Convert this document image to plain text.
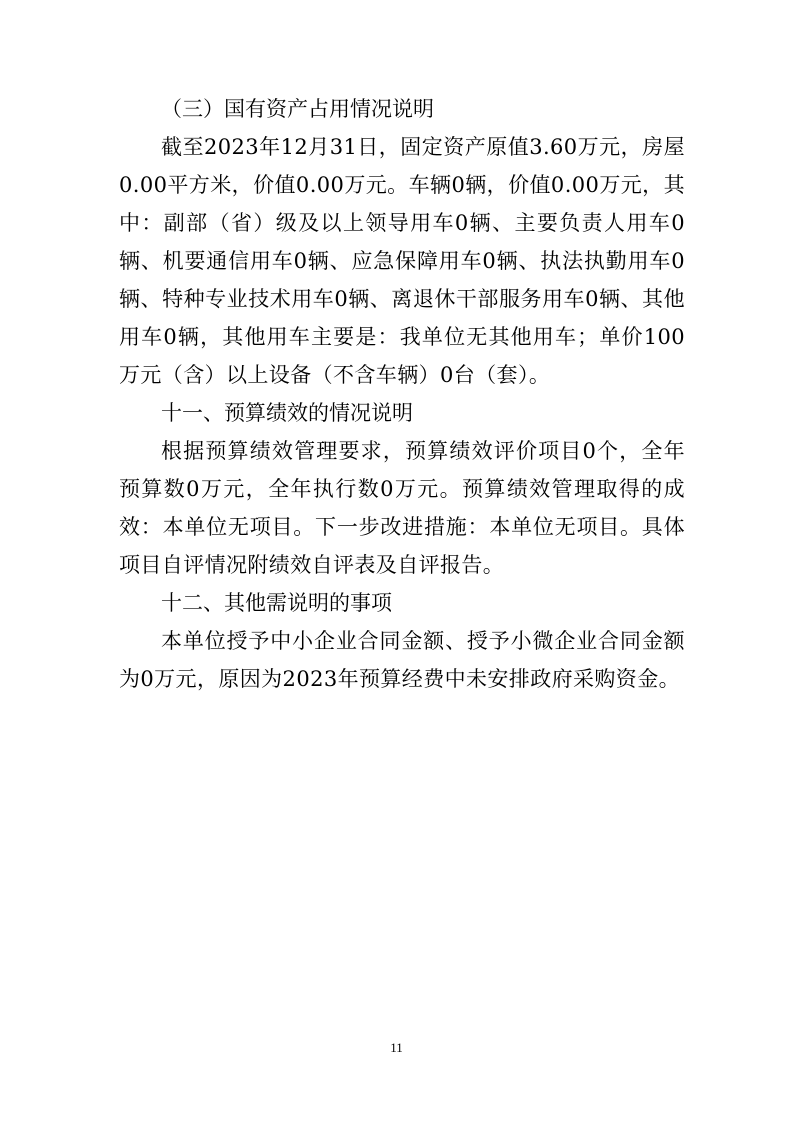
（三）国有资产占用情况说明

截至2023年12月31日，固定资产原值3.60万元，房屋0.00平方米，价值0.00万元。车辆0辆，价值0.00万元，其中：副部（省）级及以上领导用车0辆、主要负责人用车0辆、机要通信用车0辆、应急保障用车0辆、执法执勤用车0辆、特种专业技术用车0辆、离退休干部服务用车0辆、其他用车0辆，其他用车主要是：我单位无其他用车；单价100万元（含）以上设备（不含车辆）0台（套）。

十一、预算绩效的情况说明

根据预算绩效管理要求，预算绩效评价项目0个，全年预算数0万元，全年执行数0万元。预算绩效管理取得的成效：本单位无项目。下一步改进措施：本单位无项目。具体项目自评情况附绩效自评表及自评报告。

十二、其他需说明的事项

本单位授予中小企业合同金额、授予小微企业合同金额为0万元，原因为2023年预算经费中未安排政府采购资金。

11
